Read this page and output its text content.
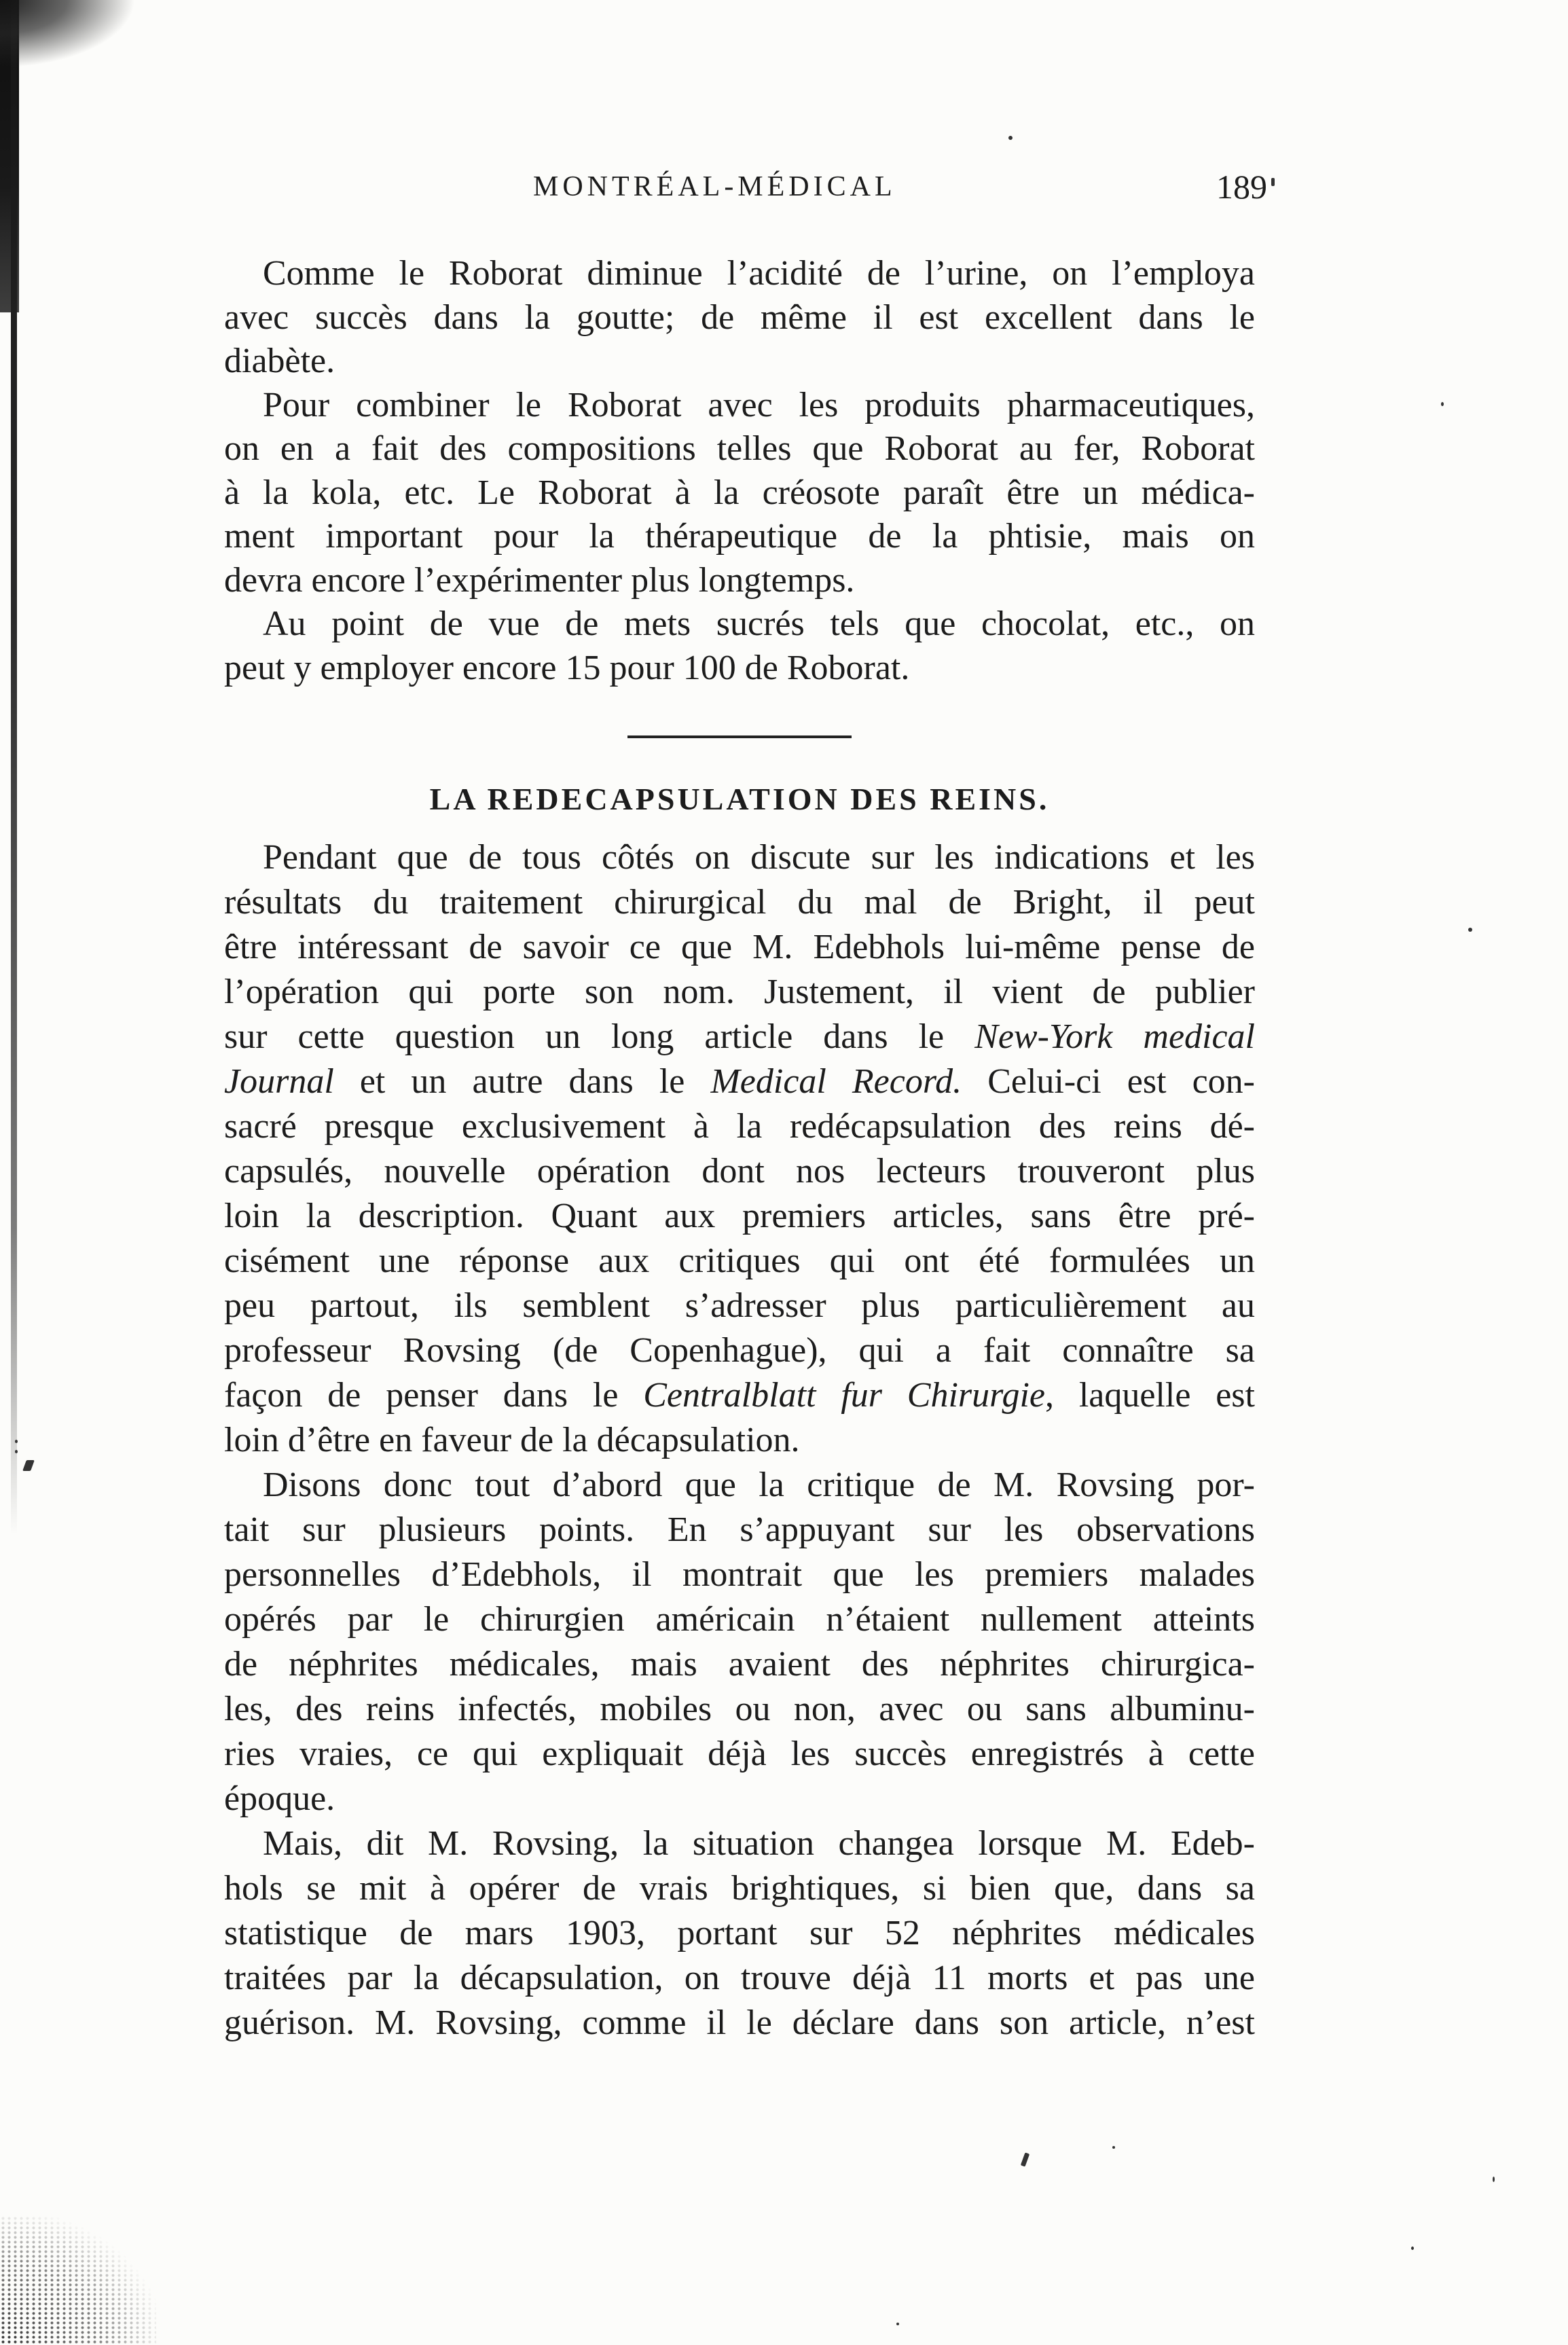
MONTRÉAL-MÉDICAL	189
Comme le Roborat diminue l’acidité de l’urine, on l’employa
avec succès dans la goutte; de même il est excellent dans le
diabète.
Pour combiner le Roborat avec les produits pharmaceutiques,
on en a fait des compositions telles que Roborat au fer, Roborat
à la kola, etc. Le Roborat à la créosote paraît être un médica-
ment important pour la thérapeutique de la phtisie, mais on
devra encore l’expérimenter plus longtemps.
Au point de vue de mets sucrés tels que chocolat, etc., on
peut y employer encore 15 pour 100 de Roborat.
LA REDECAPSULATION DES REINS.
Pendant que de tous côtés on discute sur les indications et les
résultats du traitement chirurgical du mal de Bright, il peut
être intéressant de savoir ce que M. Edebhols lui-même pense de
l’opération qui porte son nom. Justement, il vient de publier
sur cette question un long article dans le New-York medical
Journal et un autre dans le Medical Record. Celui-ci est con-
sacré presque exclusivement à la redécapsulation des reins dé-
capsulés, nouvelle opération dont nos lecteurs trouveront plus
loin la description. Quant aux premiers articles, sans être pré-
cisément une réponse aux critiques qui ont été formulées un
peu partout, ils semblent s’adresser plus particulièrement au
professeur Rovsing (de Copenhague), qui a fait connaître sa
façon de penser dans le Centralblatt fur Chirurgie, laquelle est
loin d’être en faveur de la décapsulation.
Disons donc tout d’abord que la critique de M. Rovsing por-
tait sur plusieurs points. En s’appuyant sur les observations
personnelles d’Edebhols, il montrait que les premiers malades
opérés par le chirurgien américain n’étaient nullement atteints
de néphrites médicales, mais avaient des néphrites chirurgica-
les, des reins infectés, mobiles ou non, avec ou sans albuminu-
ries vraies, ce qui expliquait déjà les succès enregistrés à cette
époque.
Mais, dit M. Rovsing, la situation changea lorsque M. Edeb-
hols se mit à opérer de vrais brightiques, si bien que, dans sa
statistique de mars 1903, portant sur 52 néphrites médicales
traitées par la décapsulation, on trouve déjà 11 morts et pas une
guérison. M. Rovsing, comme il le déclare dans son article, n’est
